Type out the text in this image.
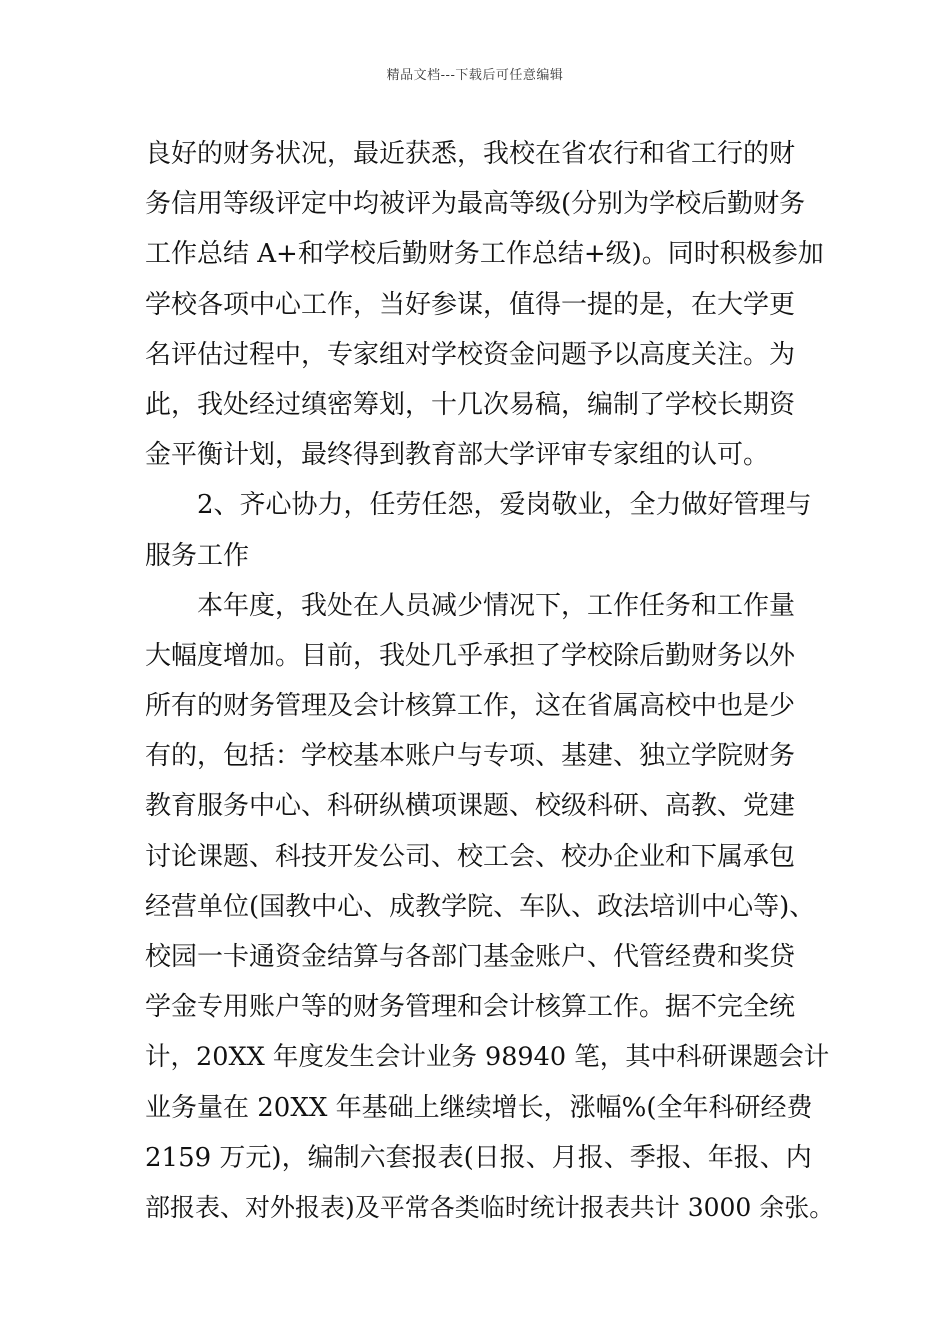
精品文档---下载后可任意编辑
良好的财务状况，最近获悉，我校在省农行和省工行的财
务信用等级评定中均被评为最高等级(分别为学校后勤财务
工作总结 A+和学校后勤财务工作总结+级)。同时积极参加
学校各项中心工作，当好参谋，值得一提的是，在大学更
名评估过程中，专家组对学校资金问题予以高度关注。为
此，我处经过缜密筹划，十几次易稿，编制了学校长期资
金平衡计划，最终得到教育部大学评审专家组的认可。
2、齐心协力，任劳任怨，爱岗敬业，全力做好管理与
服务工作
本年度，我处在人员减少情况下，工作任务和工作量
大幅度增加。目前，我处几乎承担了学校除后勤财务以外
所有的财务管理及会计核算工作，这在省属高校中也是少
有的，包括：学校基本账户与专项、基建、独立学院财务
教育服务中心、科研纵横项课题、校级科研、高教、党建
讨论课题、科技开发公司、校工会、校办企业和下属承包
经营单位(国教中心、成教学院、车队、政法培训中心等)、
校园一卡通资金结算与各部门基金账户、代管经费和奖贷
学金专用账户等的财务管理和会计核算工作。据不完全统
计，20XX 年度发生会计业务 98940 笔，其中科研课题会计
业务量在 20XX 年基础上继续增长，涨幅%(全年科研经费
2159 万元)，编制六套报表(日报、月报、季报、年报、内
部报表、对外报表)及平常各类临时统计报表共计 3000 余张。
